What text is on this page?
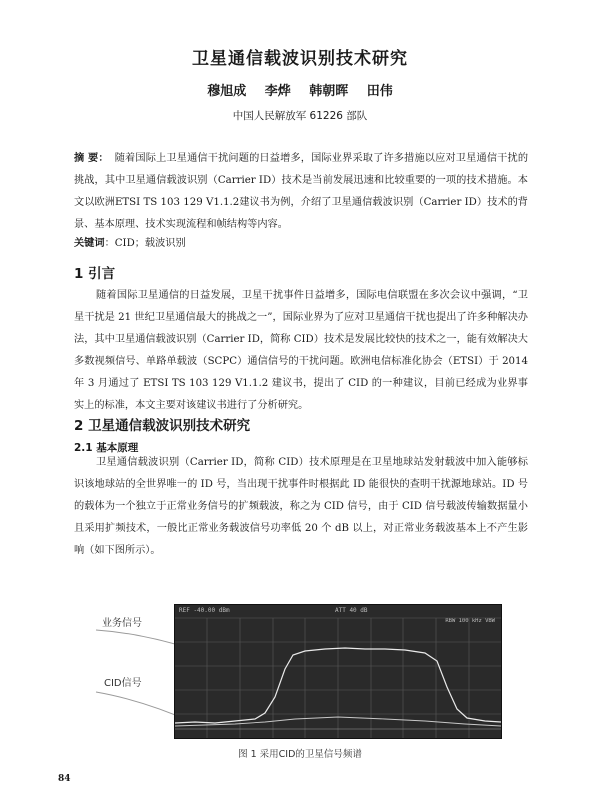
卫星通信载波识别技术研究
穆旭成 李烨 韩朝晖 田伟
中国人民解放军 61226 部队
摘 要： 随着国际上卫星通信干扰问题的日益增多，国际业界采取了许多措施以应对卫星通信干扰的挑战，其中卫星通信载波识别（Carrier ID）技术是当前发展迅速和比较重要的一项的技术措施。本文以欧洲ETSI TS 103 129 V1.1.2建议书为例，介绍了卫星通信载波识别（Carrier ID）技术的背景、基本原理、技术实现流程和帧结构等内容。
关键词：CID；载波识别
1 引言
随着国际卫星通信的日益发展，卫星干扰事件日益增多，国际电信联盟在多次会议中强调，“卫星干扰是 21 世纪卫星通信最大的挑战之一”，国际业界为了应对卫星通信干扰也提出了许多种解决办法，其中卫星通信载波识别（Carrier ID，简称 CID）技术是发展比较快的技术之一，能有效解决大多数视频信号、单路单载波（SCPC）通信信号的干扰问题。欧洲电信标准化协会（ETSI）于 2014 年 3 月通过了 ETSI TS 103 129 V1.1.2 建议书，提出了 CID 的一种建议，目前已经成为业界事实上的标准，本文主要对该建议书进行了分析研究。
2 卫星通信载波识别技术研究
2.1 基本原理
卫星通信载波识别（Carrier ID，简称 CID）技术原理是在卫星地球站发射载波中加入能够标识该地球站的全世界唯一的 ID 号，当出现干扰事件时根据此 ID 能很快的查明干扰源地球站。ID 号的载体为一个独立于正常业务信号的扩频载波，称之为 CID 信号，由于 CID 信号载波传输数据量小且采用扩频技术，一般比正常业务载波信号功率低 20 个 dB 以上，对正常业务载波基本上不产生影响（如下图所示）。
业务信号
CID信号
REF -40.00 dBm	ATT 40 dB
RBW 100 kHz VBW
图 1 采用CID的卫星信号频谱
84
